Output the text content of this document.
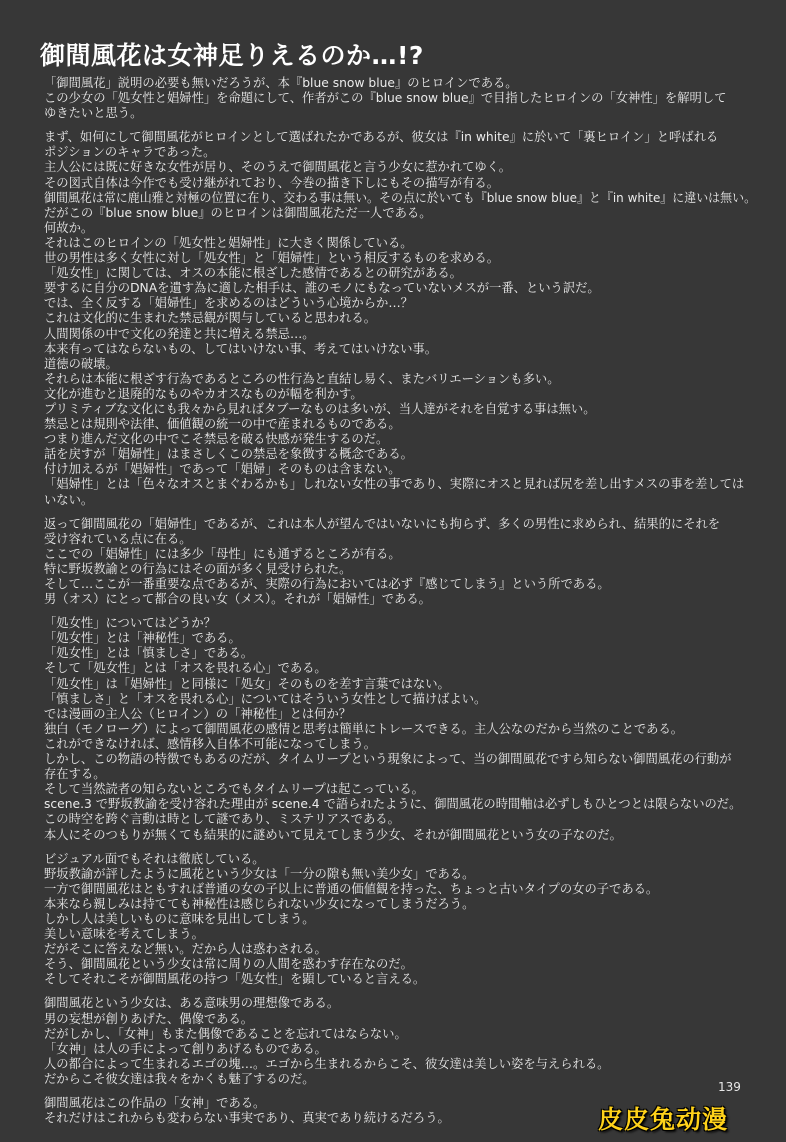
御間風花は女神足りえるのか…!?
「御間風花」説明の必要も無いだろうが、本『blue snow blue』のヒロインである。
この少女の「処女性と娼婦性」を命題にして、作者がこの『blue snow blue』で目指したヒロインの「女神性」を解明して
ゆきたいと思う。
まず、如何にして御間風花がヒロインとして選ばれたかであるが、彼女は『in white』に於いて「裏ヒロイン」と呼ばれる
ポジションのキャラであった。
主人公には既に好きな女性が居り、そのうえで御間風花と言う少女に惹かれてゆく。
その図式自体は今作でも受け継がれており、今巻の描き下しにもその描写が有る。
御間風花は常に鹿山雅と対極の位置に在り、交わる事は無い。その点に於いても『blue snow blue』と『in white』に違いは無い。
だがこの『blue snow blue』のヒロインは御間風花ただ一人である。
何故か。
それはこのヒロインの「処女性と娼婦性」に大きく関係している。
世の男性は多く女性に対し「処女性」と「娼婦性」という相反するものを求める。
「処女性」に関しては、オスの本能に根ざした感情であるとの研究がある。
要するに自分のDNAを遺す為に適した相手は、誰のモノにもなっていないメスが一番、という訳だ。
では、全く反する「娼婦性」を求めるのはどういう心境からか…？
これは文化的に生まれた禁忌観が関与していると思われる。
人間関係の中で文化の発達と共に増える禁忌…。
本来有ってはならないもの、してはいけない事、考えてはいけない事。
道徳の破壊。
それらは本能に根ざす行為であるところの性行為と直結し易く、またバリエーションも多い。
文化が進むと退廃的なものやカオスなものが幅を利かす。
プリミティブな文化にも我々から見ればタブーなものは多いが、当人達がそれを自覚する事は無い。
禁忌とは規則や法律、価値観の統一の中で産まれるものである。
つまり進んだ文化の中でこそ禁忌を破る快感が発生するのだ。
話を戻すが「娼婦性」はまさしくこの禁忌を象徴する概念である。
付け加えるが「娼婦性」であって「娼婦」そのものは含まない。
「娼婦性」とは「色々なオスとまぐわるかも」しれない女性の事であり、実際にオスと見れば尻を差し出すメスの事を差しては
いない。
返って御間風花の「娼婦性」であるが、これは本人が望んではいないにも拘らず、多くの男性に求められ、結果的にそれを
受け容れている点に在る。
ここでの「娼婦性」には多少「母性」にも通ずるところが有る。
特に野坂教諭との行為にはその面が多く見受けられた。
そして…ここが一番重要な点であるが、実際の行為においては必ず『感じてしまう』という所である。
男（オス）にとって都合の良い女（メス）。それが「娼婦性」である。
「処女性」についてはどうか？
「処女性」とは「神秘性」である。
「処女性」とは「慎ましさ」である。
そして「処女性」とは「オスを畏れる心」である。
「処女性」は「娼婦性」と同様に「処女」そのものを差す言葉ではない。
「慎ましさ」と「オスを畏れる心」についてはそういう女性として描けばよい。
では漫画の主人公（ヒロイン）の「神秘性」とは何か？
独白（モノローグ）によって御間風花の感情と思考は簡単にトレースできる。主人公なのだから当然のことである。
これができなければ、感情移入自体不可能になってしまう。
しかし、この物語の特徴でもあるのだが、タイムリープという現象によって、当の御間風花ですら知らない御間風花の行動が
存在する。
そして当然読者の知らないところでもタイムリープは起こっている。
scene.3 で野坂教諭を受け容れた理由が scene.4 で語られたように、御間風花の時間軸は必ずしもひとつとは限らないのだ。
この時空を跨ぐ言動は時として謎であり、ミステリアスである。
本人にそのつもりが無くても結果的に謎めいて見えてしまう少女、それが御間風花という女の子なのだ。
ビジュアル面でもそれは徹底している。
野坂教諭が評したように風花という少女は「一分の隙も無い美少女」である。
一方で御間風花はともすれば普通の女の子以上に普通の価値観を持った、ちょっと古いタイプの女の子である。
本来なら親しみは持てても神秘性は感じられない少女になってしまうだろう。
しかし人は美しいものに意味を見出してしまう。
美しい意味を考えてしまう。
だがそこに答えなど無い。だから人は惑わされる。
そう、御間風花という少女は常に周りの人間を惑わす存在なのだ。
そしてそれこそが御間風花の持つ「処女性」を顕していると言える。
御間風花という少女は、ある意味男の理想像である。
男の妄想が創りあげた、偶像である。
だがしかし、「女神」もまた偶像であることを忘れてはならない。
「女神」は人の手によって創りあげるものである。
人の都合によって生まれるエゴの塊…。エゴから生まれるからこそ、彼女達は美しい姿を与えられる。
だからこそ彼女達は我々をかくも魅了するのだ。
御間風花はこの作品の「女神」である。
それだけはこれからも変わらない事実であり、真実であり続けるだろう。
139
皮皮兔动漫
